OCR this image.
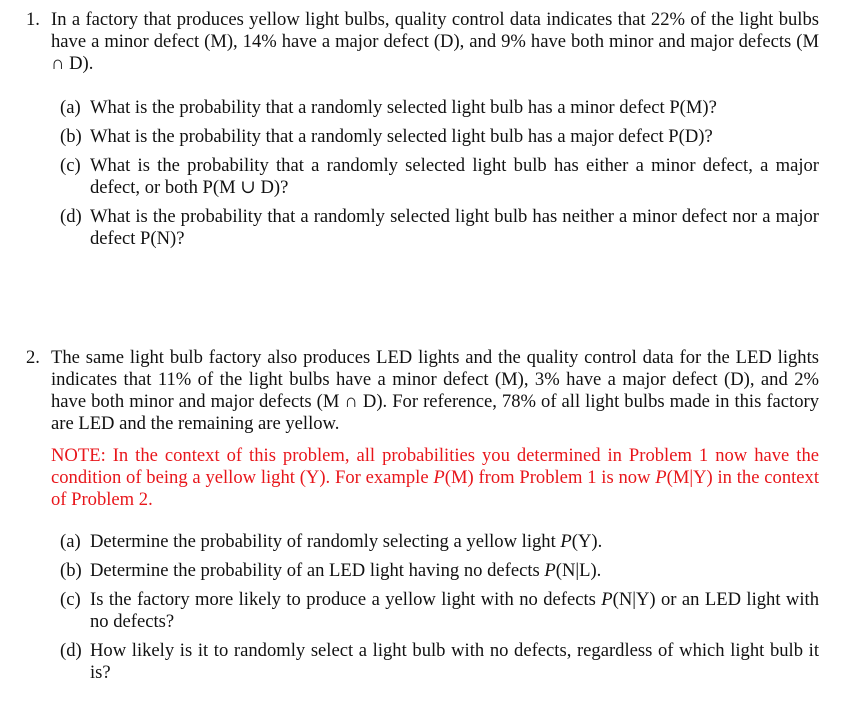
1. In a factory that produces yellow light bulbs, quality control data indicates that 22% of the light bulbs have a minor defect (M), 14% have a major defect (D), and 9% have both minor and major defects (M ∩ D).
(a) What is the probability that a randomly selected light bulb has a minor defect P(M)?
(b) What is the probability that a randomly selected light bulb has a major defect P(D)?
(c) What is the probability that a randomly selected light bulb has either a minor defect, a major defect, or both P(M ∪ D)?
(d) What is the probability that a randomly selected light bulb has neither a minor defect nor a major defect P(N)?
2. The same light bulb factory also produces LED lights and the quality control data for the LED lights indicates that 11% of the light bulbs have a minor defect (M), 3% have a major defect (D), and 2% have both minor and major defects (M ∩ D). For reference, 78% of all light bulbs made in this factory are LED and the remaining are yellow.
NOTE: In the context of this problem, all probabilities you determined in Problem 1 now have the condition of being a yellow light (Y). For example P(M) from Problem 1 is now P(M|Y) in the context of Problem 2.
(a) Determine the probability of randomly selecting a yellow light P(Y).
(b) Determine the probability of an LED light having no defects P(N|L).
(c) Is the factory more likely to produce a yellow light with no defects P(N|Y) or an LED light with no defects?
(d) How likely is it to randomly select a light bulb with no defects, regardless of which light bulb it is?
